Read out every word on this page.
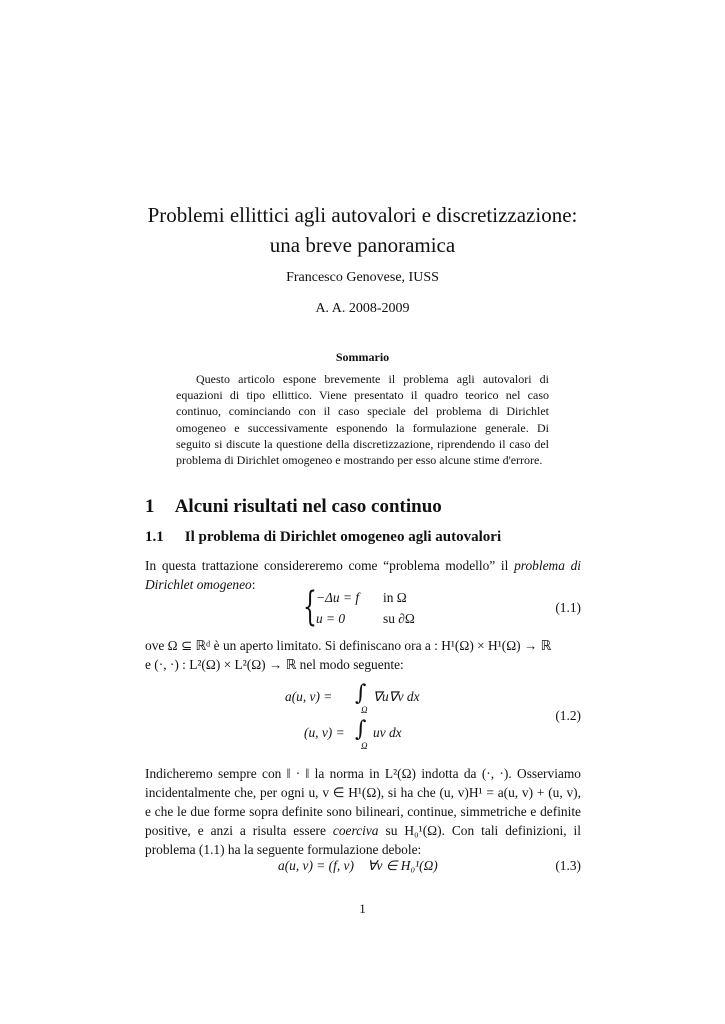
Problemi ellittici agli autovalori e discretizzazione:
una breve panoramica
Francesco Genovese, IUSS
A. A. 2008-2009
Sommario
Questo articolo espone brevemente il problema agli autovalori di equazioni di tipo ellittico. Viene presentato il quadro teorico nel caso continuo, cominciando con il caso speciale del problema di Dirichlet omogeneo e successivamente esponendo la formulazione generale. Di seguito si discute la questione della discretizzazione, riprendendo il caso del problema di Dirichlet omogeneo e mostrando per esso alcune stime d'errore.
1 Alcuni risultati nel caso continuo
1.1 Il problema di Dirichlet omogeneo agli autovalori
In questa trattazione considereremo come “problema modello” il problema di Dirichlet omogeneo:	{ −Δu = f in Ω
u = 0	su ∂Ω
(1.1)
ove Ω ⊆ ℝᵈ è un aperto limitato. Si definiscano ora a : H¹(Ω) × H¹(Ω) → ℝ
e (·, ·) : L²(Ω) × L²(Ω) → ℝ nel modo seguente:
a(u, v) = ∫
Ω
∇u∇v dx
(u, v) = ∫
Ω
uv dx
(1.2)
Indicheremo sempre con ‖ · ‖ la norma in L²(Ω) indotta da (·, ·). Osserviamo incidentalmente che, per ogni u, v ∈ H¹(Ω), si ha che (u, v)H¹ = a(u, v) + (u, v), e che le due forme sopra definite sono bilineari, continue, simmetriche e definite positive, e anzi a risulta essere coerciva su H₀¹(Ω). Con tali definizioni, il problema (1.1) ha la seguente formulazione debole:
a(u, v) = (f, v)    ∀v ∈ H₀¹(Ω)	(1.3)
1
